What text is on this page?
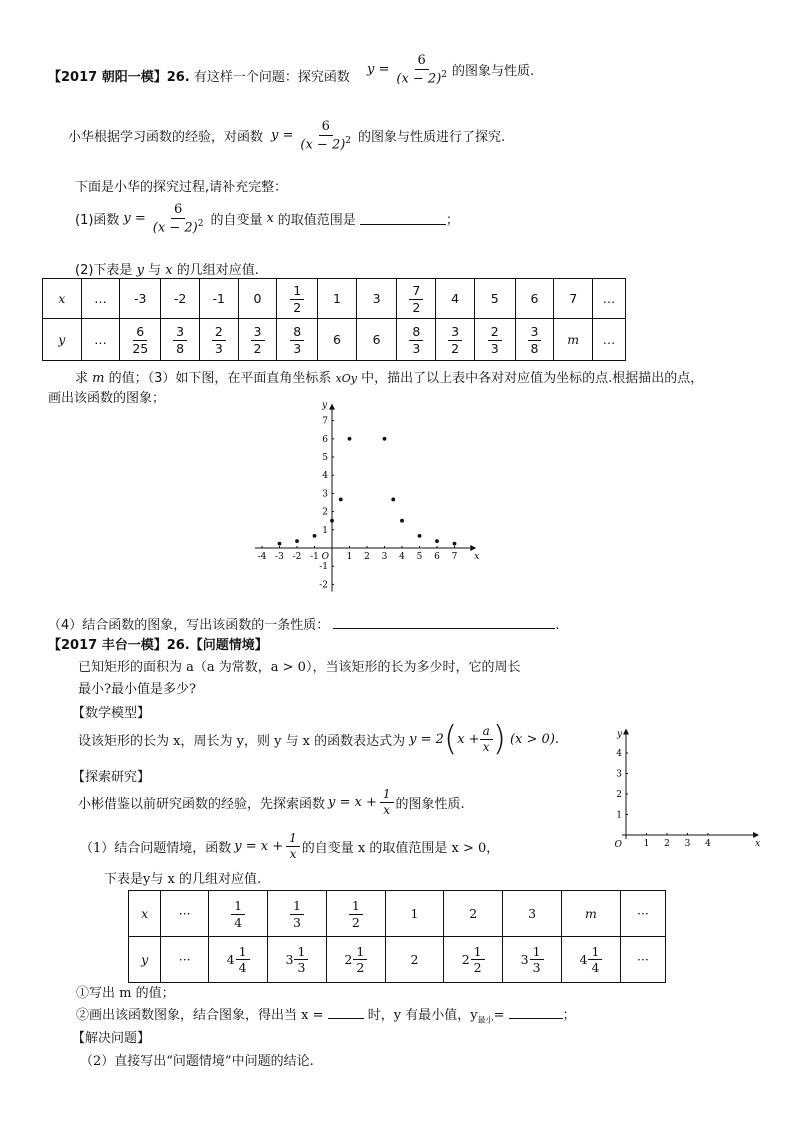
【2017 朝阳一模】26. 有这样一个问题：探究函数
$y = \frac{6}{(x - 2)^2}$ 的图象与性质.
小华根据学习函数的经验，对函数 $y = \frac{6}{(x - 2)^2}$ 的图象与性质进行了探究.
下面是小华的探究过程,请补充完整：
(1)函数 $y = \frac{6}{(x - 2)^2}$ 的自变量 x 的取值范围是	；
(2)下表是 y 与 x 的几组对应值.
x	…	-3	-2	-1	0	$\frac{1}{2}$	1	3	$\frac{7}{2}$	4	5	6	7	…
y	…	$\frac{6}{25}$	$\frac{3}{8}$	$\frac{2}{3}$	$\frac{3}{2}$	$\frac{8}{3}$	6	6	$\frac{8}{3}$	$\frac{3}{2}$	$\frac{2}{3}$	$\frac{3}{8}$	m	…
求 m 的值；（3）如下图，在平面直角坐标系 xOy 中，描出了以上表中各对对应值为坐标的点.根据描出的点，
画出该函数的图象；
-4 -3 -2 -1	1 2 3 4 5 6 7
-2
-1
1
2
3
4
5
6
7
O	x
y
（4）结合函数的图象，写出该函数的一条性质：	.
【2017 丰台一模】26.【问题情境】
已知矩形的面积为 a（a 为常数，a > 0），当该矩形的长为多少时，它的周长
最小?最小值是多少?
【数学模型】
设该矩形的长为 x，周长为 y，则 y 与 x 的函数表达式为 y = 2 ( $x + \frac{a}{x}$ ) (x > 0).
【探索研究】
小彬借鉴以前研究函数的经验，先探索函数 $y = x + \frac{1}{x}$ 的图象性质.
（1）结合问题情境，函数 $y = x + \frac{1}{x}$ 的自变量 x 的取值范围是 x > 0，
下表是y与 x 的几组对应值.
x	···	$\frac{1}{4}$	$\frac{1}{3}$	$\frac{1}{2}$	1	2	3	m	···
y	···	$4 \frac{1}{4}$	$3 \frac{1}{3}$	$2 \frac{1}{2}$	2	$2 \frac{1}{2}$	$3 \frac{1}{3}$	$4 \frac{1}{4}$	···
①写出 m 的值；
②画出该函数图象，结合图象，得出当 x =	时，y 有最小值，$y_{最小}=$	；
【解决问题】
（2）直接写出“问题情境”中问题的结论.
1 2 3 4
1
2
3
4
O	x
y
